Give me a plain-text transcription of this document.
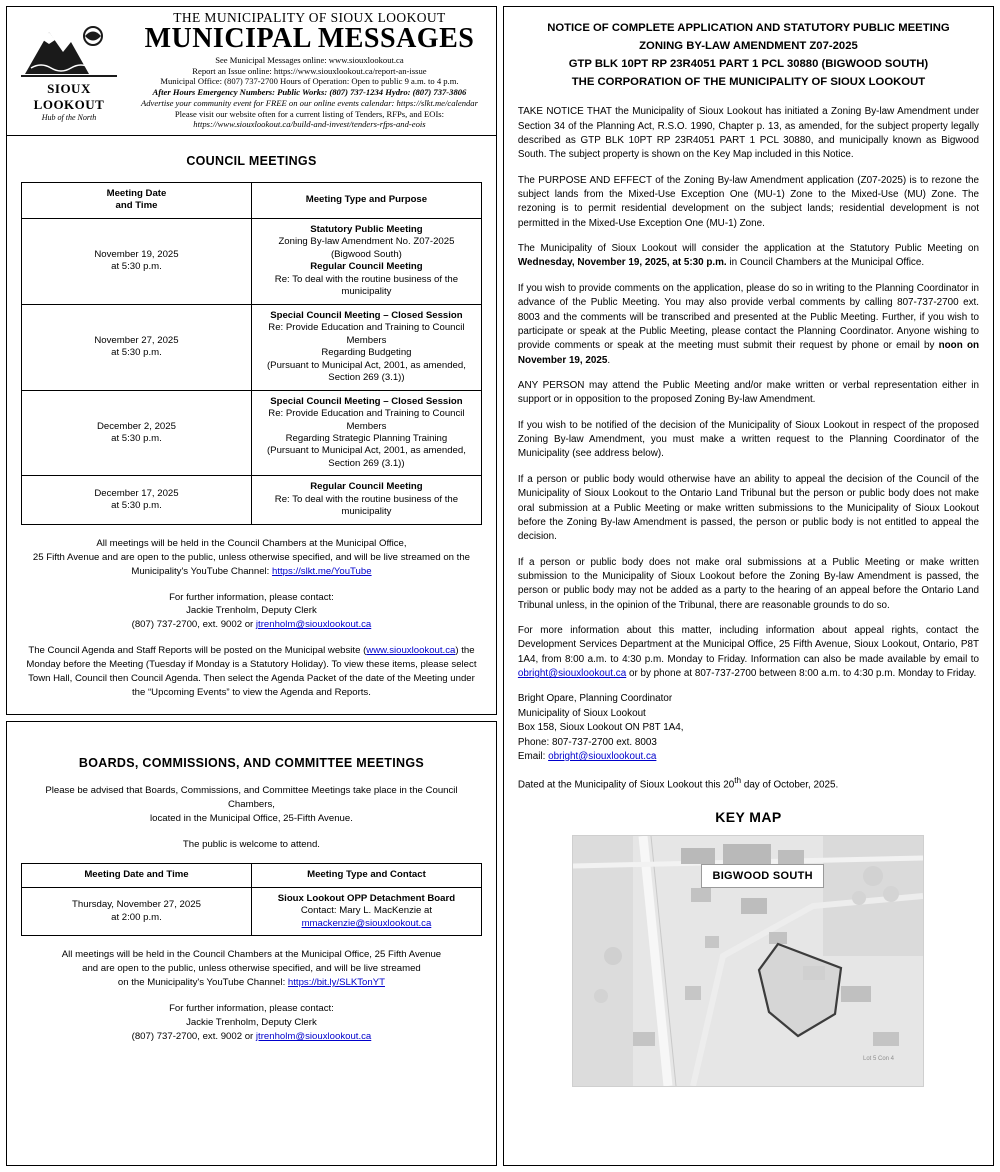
SIOUX LOOKOUT
Hub of the North
THE MUNICIPALITY OF SIOUX LOOKOUT
MUNICIPAL MESSAGES
See Municipal Messages online: www.siouxlookout.ca
Report an Issue online: https://www.siouxlookout.ca/report-an-issue
Municipal Office: (807) 737-2700 Hours of Operation: Open to public 9 a.m. to 4 p.m.
After Hours Emergency Numbers: Public Works: (807) 737-1234 Hydro: (807) 737-3806
Advertise your community event for FREE on our online events calendar: https://slkt.me/calendar
Please visit our website often for a current listing of Tenders, RFPs, and EOIs:
https://www.siouxlookout.ca/build-and-invest/tenders-rfps-and-eois
COUNCIL MEETINGS
Meeting Date
and Time	Meeting Type and Purpose

November 19, 2025
at 5:30 p.m.	Statutory Public Meeting
Zoning By-law Amendment No. Z07-2025
(Bigwood South)
Regular Council Meeting
Re: To deal with the routine business of the municipality

November 27, 2025
at 5:30 p.m.	Special Council Meeting – Closed Session
Re: Provide Education and Training to Council Members
Regarding Budgeting
(Pursuant to Municipal Act, 2001, as amended, Section 269 (3.1))

December 2, 2025
at 5:30 p.m.	Special Council Meeting – Closed Session
Re: Provide Education and Training to Council Members
Regarding Strategic Planning Training
(Pursuant to Municipal Act, 2001, as amended, Section 269 (3.1))

December 17, 2025
at 5:30 p.m.	Regular Council Meeting
Re: To deal with the routine business of the municipality
All meetings will be held in the Council Chambers at the Municipal Office,
25 Fifth Avenue and are open to the public, unless otherwise specified, and will be live streamed on the
Municipality's YouTube Channel: https://slkt.me/YouTube
For further information, please contact:
Jackie Trenholm, Deputy Clerk
(807) 737-2700, ext. 9002 or jtrenholm@siouxlookout.ca
The Council Agenda and Staff Reports will be posted on the Municipal website (www.siouxlookout.ca) the
Monday before the Meeting (Tuesday if Monday is a Statutory Holiday). To view these items, please select
Town Hall, Council then Council Agenda. Then select the Agenda Packet of the date of the Meeting under
the “Upcoming Events” to view the Agenda and Reports.
BOARDS, COMMISSIONS, AND COMMITTEE MEETINGS
Please be advised that Boards, Commissions, and Committee Meetings take place in the Council Chambers,
located in the Municipal Office, 25-Fifth Avenue.
The public is welcome to attend.
Meeting Date and Time	Meeting Type and Contact

Thursday, November 27, 2025
at 2:00 p.m.	Sioux Lookout OPP Detachment Board
Contact: Mary L. MacKenzie at mmackenzie@siouxlookout.ca
All meetings will be held in the Council Chambers at the Municipal Office, 25 Fifth Avenue
and are open to the public, unless otherwise specified, and will be live streamed
on the Municipality's YouTube Channel: https://bit.ly/SLKTonYT
For further information, please contact:
Jackie Trenholm, Deputy Clerk
(807) 737-2700, ext. 9002 or jtrenholm@siouxlookout.ca
NOTICE OF COMPLETE APPLICATION AND STATUTORY PUBLIC MEETING
ZONING BY-LAW AMENDMENT Z07-2025
GTP BLK 10PT RP 23R4051 PART 1 PCL 30880 (BIGWOOD SOUTH)
THE CORPORATION OF THE MUNICIPALITY OF SIOUX LOOKOUT

TAKE NOTICE THAT the Municipality of Sioux Lookout has initiated a Zoning By-law Amendment under Section 34 of the Planning Act, R.S.O. 1990, Chapter p. 13, as amended, for the subject property legally described as GTP BLK 10PT RP 23R4051 PART 1 PCL 30880, and municipally known as Bigwood South. The subject property is shown on the Key Map included in this Notice.

The PURPOSE AND EFFECT of the Zoning By-law Amendment application (Z07-2025) is to rezone the subject lands from the Mixed-Use Exception One (MU-1) Zone to the Mixed-Use (MU) Zone. The rezoning is to permit residential development on the subject lands; residential development is not permitted in the Mixed-Use Exception One (MU-1) Zone.

The Municipality of Sioux Lookout will consider the application at the Statutory Public Meeting on Wednesday, November 19, 2025, at 5:30 p.m. in Council Chambers at the Municipal Office.

If you wish to provide comments on the application, please do so in writing to the Planning Coordinator in advance of the Public Meeting. You may also provide verbal comments by calling 807-737-2700 ext. 8003 and the comments will be transcribed and presented at the Public Meeting. Further, if you wish to participate or speak at the Public Meeting, please contact the Planning Coordinator. Anyone wishing to provide comments or speak at the meeting must submit their request by phone or email by noon on November 19, 2025.

ANY PERSON may attend the Public Meeting and/or make written or verbal representation either in support or in opposition to the proposed Zoning By-law Amendment.

If you wish to be notified of the decision of the Municipality of Sioux Lookout in respect of the proposed Zoning By-law Amendment, you must make a written request to the Planning Coordinator of the Municipality (see address below).

If a person or public body would otherwise have an ability to appeal the decision of the Council of the Municipality of Sioux Lookout to the Ontario Land Tribunal but the person or public body does not make oral submission at a Public Meeting or make written submissions to the Municipality of Sioux Lookout before the Zoning By-law Amendment is passed, the person or public body is not entitled to appeal the decision.

If a person or public body does not make oral submissions at a Public Meeting or make written submission to the Municipality of Sioux Lookout before the Zoning By-law Amendment is passed, the person or public body may not be added as a party to the hearing of an appeal before the Ontario Land Tribunal unless, in the opinion of the Tribunal, there are reasonable grounds to do so.

For more information about this matter, including information about appeal rights, contact the Development Services Department at the Municipal Office, 25 Fifth Avenue, Sioux Lookout, Ontario, P8T 1A4, from 8:00 a.m. to 4:30 p.m. Monday to Friday. Information can also be made available by email to obright@siouxlookout.ca or by phone at 807-737-2700 between 8:00 a.m. to 4:30 p.m. Monday to Friday.

Bright Opare, Planning Coordinator
Municipality of Sioux Lookout
Box 158, Sioux Lookout ON P8T 1A4,
Phone: 807-737-2700 ext. 8003
Email: obright@siouxlookout.ca

Dated at the Municipality of Sioux Lookout this 20th day of October, 2025.

KEY MAP
Lot 5 Con 4
BIGWOOD SOUTH
